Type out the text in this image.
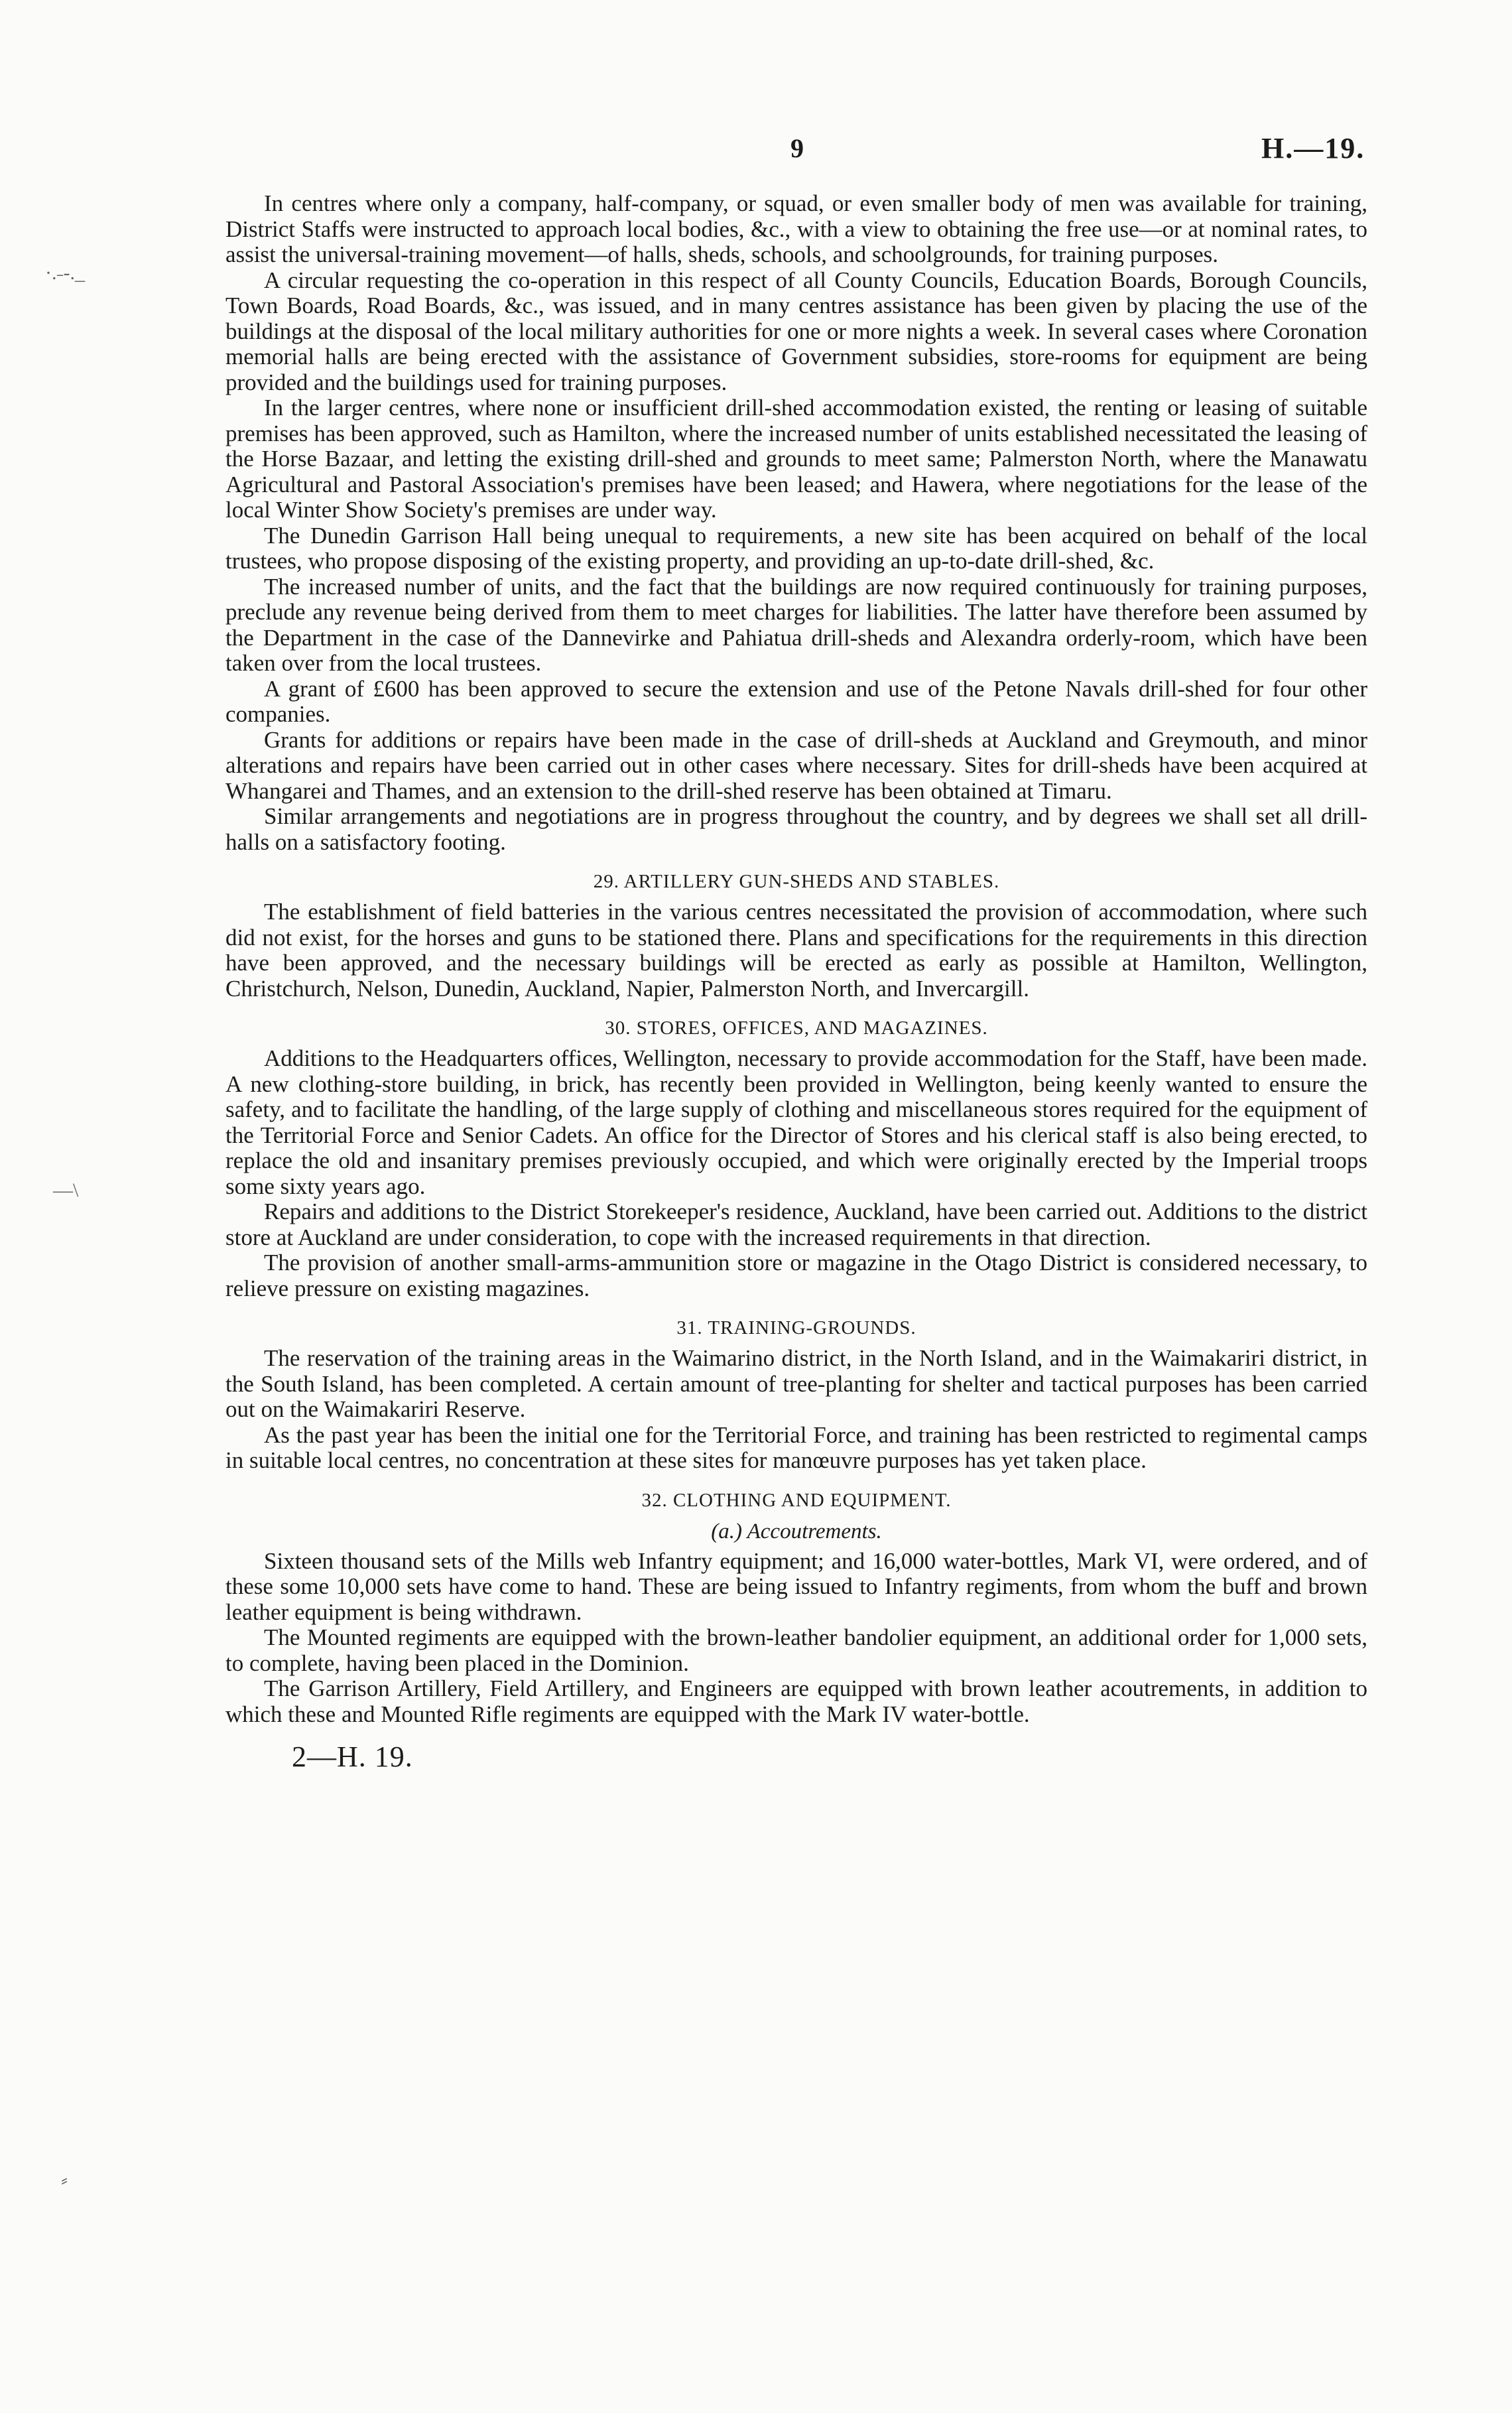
9	H.—19.
·.˗‐._
—\
⸗

In centres where only a company, half-company, or squad, or even smaller body of men was available for training, District Staffs were instructed to approach local bodies, &c., with a view to obtaining the free use—or at nominal rates, to assist the universal-training movement—of halls, sheds, schools, and schoolgrounds, for training purposes.

A circular requesting the co-operation in this respect of all County Councils, Education Boards, Borough Councils, Town Boards, Road Boards, &c., was issued, and in many centres assistance has been given by placing the use of the buildings at the disposal of the local military authorities for one or more nights a week. In several cases where Coronation memorial halls are being erected with the assistance of Government subsidies, store-rooms for equipment are being provided and the buildings used for training purposes.

In the larger centres, where none or insufficient drill-shed accommodation existed, the renting or leasing of suitable premises has been approved, such as Hamilton, where the increased number of units established necessitated the leasing of the Horse Bazaar, and letting the existing drill-shed and grounds to meet same; Palmerston North, where the Manawatu Agricultural and Pastoral Association's premises have been leased; and Hawera, where negotiations for the lease of the local Winter Show Society's premises are under way.

The Dunedin Garrison Hall being unequal to requirements, a new site has been acquired on behalf of the local trustees, who propose disposing of the existing property, and providing an up-to-date drill-shed, &c.

The increased number of units, and the fact that the buildings are now required continuously for training purposes, preclude any revenue being derived from them to meet charges for liabilities. The latter have therefore been assumed by the Department in the case of the Dannevirke and Pahiatua drill-sheds and Alexandra orderly-room, which have been taken over from the local trustees.

A grant of £600 has been approved to secure the extension and use of the Petone Navals drill-shed for four other companies.

Grants for additions or repairs have been made in the case of drill-sheds at Auckland and Greymouth, and minor alterations and repairs have been carried out in other cases where necessary. Sites for drill-sheds have been acquired at Whangarei and Thames, and an extension to the drill-shed reserve has been obtained at Timaru.

Similar arrangements and negotiations are in progress throughout the country, and by degrees we shall set all drill-halls on a satisfactory footing.

29. ARTILLERY GUN-SHEDS AND STABLES.

The establishment of field batteries in the various centres necessitated the provision of accommodation, where such did not exist, for the horses and guns to be stationed there. Plans and specifications for the requirements in this direction have been approved, and the necessary buildings will be erected as early as possible at Hamilton, Wellington, Christchurch, Nelson, Dunedin, Auckland, Napier, Palmerston North, and Invercargill.

30. STORES, OFFICES, AND MAGAZINES.

Additions to the Headquarters offices, Wellington, necessary to provide accommodation for the Staff, have been made. A new clothing-store building, in brick, has recently been provided in Wellington, being keenly wanted to ensure the safety, and to facilitate the handling, of the large supply of clothing and miscellaneous stores required for the equipment of the Territorial Force and Senior Cadets. An office for the Director of Stores and his clerical staff is also being erected, to replace the old and insanitary premises previously occupied, and which were originally erected by the Imperial troops some sixty years ago.

Repairs and additions to the District Storekeeper's residence, Auckland, have been carried out. Additions to the district store at Auckland are under consideration, to cope with the increased requirements in that direction.

The provision of another small-arms-ammunition store or magazine in the Otago District is considered necessary, to relieve pressure on existing magazines.

31. TRAINING-GROUNDS.

The reservation of the training areas in the Waimarino district, in the North Island, and in the Waimakariri district, in the South Island, has been completed. A certain amount of tree-planting for shelter and tactical purposes has been carried out on the Waimakariri Reserve.

As the past year has been the initial one for the Territorial Force, and training has been restricted to regimental camps in suitable local centres, no concentration at these sites for manœuvre purposes has yet taken place.

32. CLOTHING AND EQUIPMENT.
(a.) Accoutrements.

Sixteen thousand sets of the Mills web Infantry equipment; and 16,000 water-bottles, Mark VI, were ordered, and of these some 10,000 sets have come to hand. These are being issued to Infantry regiments, from whom the buff and brown leather equipment is being withdrawn.

The Mounted regiments are equipped with the brown-leather bandolier equipment, an additional order for 1,000 sets, to complete, having been placed in the Dominion.

The Garrison Artillery, Field Artillery, and Engineers are equipped with brown leather acoutrements, in addition to which these and Mounted Rifle regiments are equipped with the Mark IV water-bottle.

2—H. 19.
